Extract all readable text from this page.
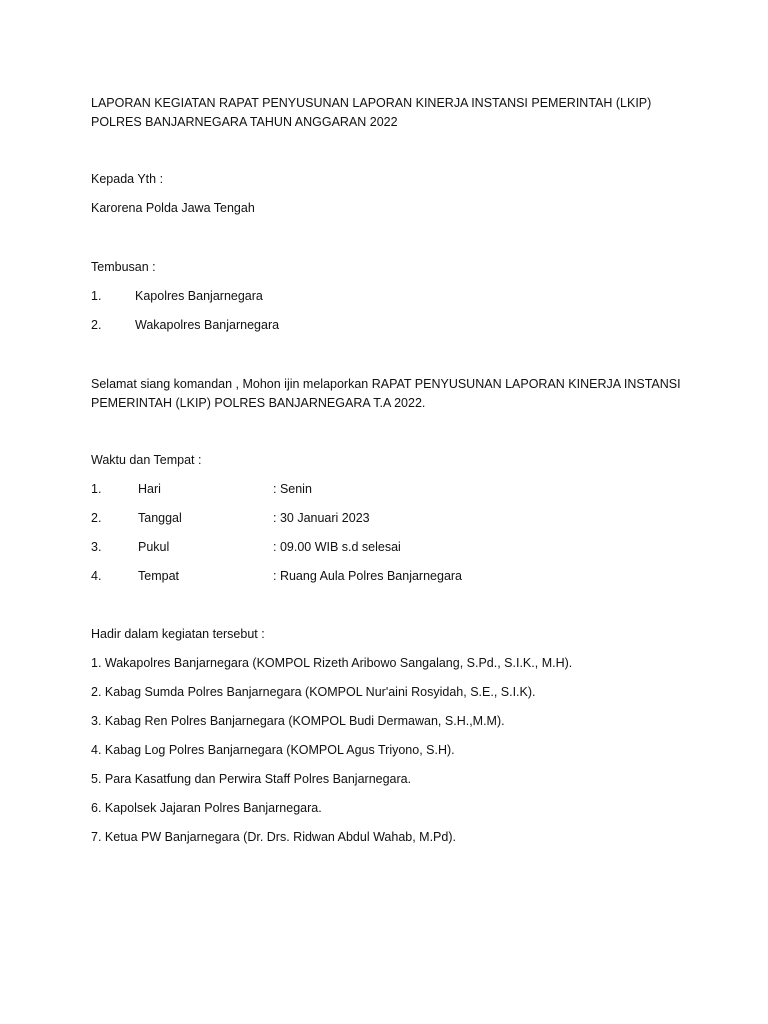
LAPORAN KEGIATAN RAPAT PENYUSUNAN LAPORAN KINERJA INSTANSI PEMERINTAH (LKIP) POLRES BANJARNEGARA TAHUN ANGGARAN 2022
Kepada Yth :
Karorena Polda Jawa Tengah
Tembusan :
1.	Kapolres Banjarnegara
2.	Wakapolres Banjarnegara
Selamat siang komandan , Mohon ijin melaporkan RAPAT PENYUSUNAN LAPORAN KINERJA INSTANSI PEMERINTAH (LKIP) POLRES BANJARNEGARA T.A 2022.
Waktu dan Tempat :
1.	Hari	: Senin
2.	Tanggal	: 30 Januari 2023
3.	Pukul	: 09.00 WIB s.d selesai
4.	Tempat	: Ruang Aula Polres Banjarnegara
Hadir dalam kegiatan tersebut :
1. Wakapolres Banjarnegara (KOMPOL Rizeth Aribowo Sangalang, S.Pd., S.I.K., M.H).
2. Kabag Sumda Polres Banjarnegara (KOMPOL Nur'aini Rosyidah, S.E., S.I.K).
3. Kabag Ren Polres Banjarnegara (KOMPOL Budi Dermawan, S.H.,M.M).
4. Kabag Log Polres Banjarnegara (KOMPOL Agus Triyono, S.H).
5. Para Kasatfung dan Perwira Staff Polres Banjarnegara.
6. Kapolsek Jajaran Polres Banjarnegara.
7. Ketua PW Banjarnegara (Dr. Drs. Ridwan Abdul Wahab, M.Pd).
